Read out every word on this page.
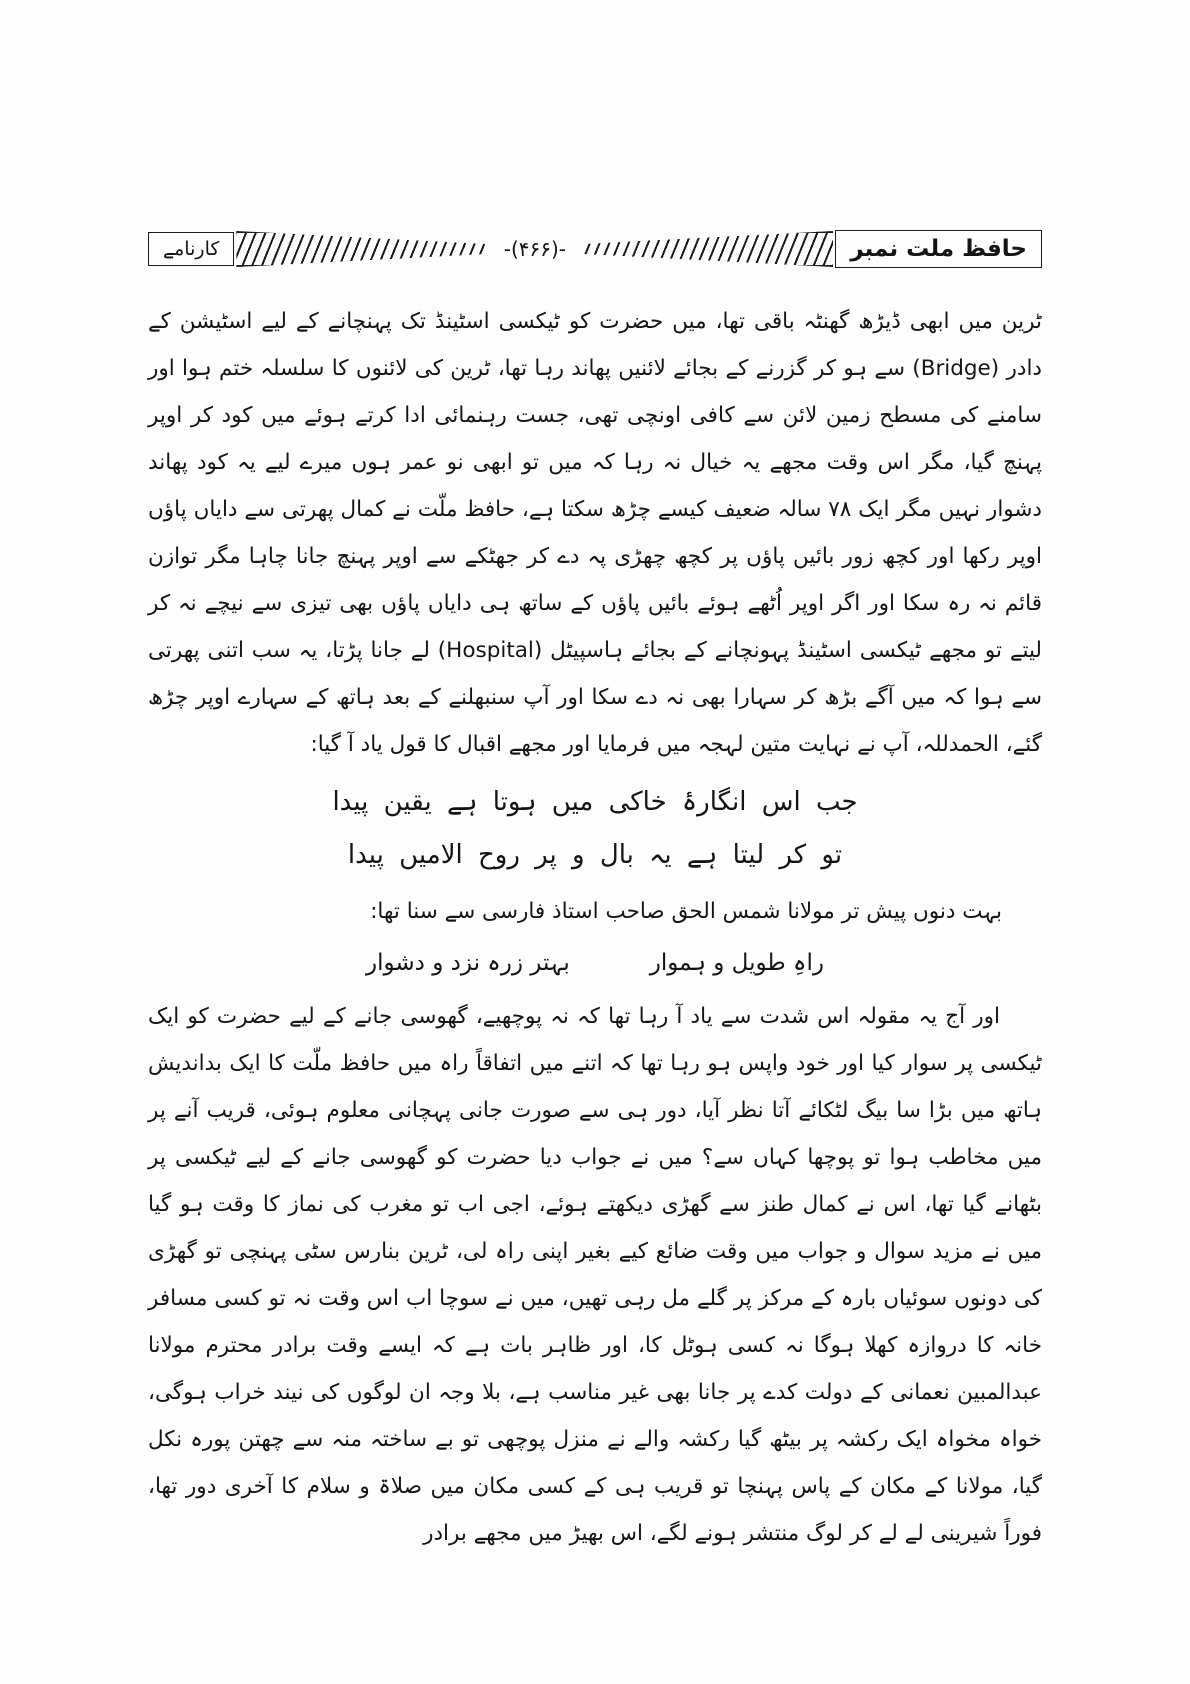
کارنامے	-(۴۶۶)-	حافظ ملت نمبر

ٹرین میں ابھی ڈیڑھ گھنٹہ باقی تھا، میں حضرت کو ٹیکسی اسٹینڈ تک پہنچانے کے لیے اسٹیشن کے دادر (Bridge) سے ہو کر گزرنے کے بجائے لائنیں پھاند رہا تھا، ٹرین کی لائنوں کا سلسلہ ختم ہوا اور سامنے کی مسطح زمین لائن سے کافی اونچی تھی، جست رہنمائی ادا کرتے ہوئے میں کود کر اوپر پہنچ گیا، مگر اس وقت مجھے یہ خیال نہ رہا کہ میں تو ابھی نو عمر ہوں میرے لیے یہ کود پھاند دشوار نہیں مگر ایک ۷۸ سالہ ضعیف کیسے چڑھ سکتا ہے، حافظ ملّت نے کمال پھرتی سے دایاں پاؤں اوپر رکھا اور کچھ زور بائیں پاؤں پر کچھ چھڑی پہ دے کر جھٹکے سے اوپر پہنچ جانا چاہا مگر توازن قائم نہ رہ سکا اور اگر اوپر اُٹھے ہوئے بائیں پاؤں کے ساتھ ہی دایاں پاؤں بھی تیزی سے نیچے نہ کر لیتے تو مجھے ٹیکسی اسٹینڈ پہونچانے کے بجائے ہاسپیٹل (Hospital) لے جانا پڑتا، یہ سب اتنی پھرتی سے ہوا کہ میں آگے بڑھ کر سہارا بھی نہ دے سکا اور آپ سنبھلنے کے بعد ہاتھ کے سہارے اوپر چڑھ گئے، الحمدللہ، آپ نے نہایت متین لہجہ میں فرمایا اور مجھے اقبال کا قول یاد آ گیا:

جب اس انگارۂ خاکی میں ہوتا ہے یقین پیدا
تو کر لیتا ہے یہ بال و پر روح الامیں پیدا

بہت دنوں پیش تر مولانا شمس الحق صاحب استاذ فارسی سے سنا تھا:

راہِ طویل و ہموار
بہتر زرہ نزد و دشوار

اور آج یہ مقولہ اس شدت سے یاد آ رہا تھا کہ نہ پوچھیے، گھوسی جانے کے لیے حضرت کو ایک ٹیکسی پر سوار کیا اور خود واپس ہو رہا تھا کہ اتنے میں اتفاقاً راہ میں حافظ ملّت کا ایک بداندیش ہاتھ میں بڑا سا بیگ لٹکائے آتا نظر آیا، دور ہی سے صورت جانی پہچانی معلوم ہوئی، قریب آنے پر میں مخاطب ہوا تو پوچھا کہاں سے؟ میں نے جواب دیا حضرت کو گھوسی جانے کے لیے ٹیکسی پر بٹھانے گیا تھا، اس نے کمال طنز سے گھڑی دیکھتے ہوئے، اجی اب تو مغرب کی نماز کا وقت ہو گیا میں نے مزید سوال و جواب میں وقت ضائع کیے بغیر اپنی راہ لی، ٹرین بنارس سٹی پہنچی تو گھڑی کی دونوں سوئیاں بارہ کے مرکز پر گلے مل رہی تھیں، میں نے سوچا اب اس وقت نہ تو کسی مسافر خانہ کا دروازہ کھلا ہوگا نہ کسی ہوٹل کا، اور ظاہر بات ہے کہ ایسے وقت برادر محترم مولانا عبدالمبین نعمانی کے دولت کدے پر جانا بھی غیر مناسب ہے، بلا وجہ ان لوگوں کی نیند خراب ہوگی، خواہ مخواہ ایک رکشہ پر بیٹھ گیا رکشہ والے نے منزل پوچھی تو بے ساختہ منہ سے چھتن پورہ نکل گیا، مولانا کے مکان کے پاس پہنچا تو قریب ہی کے کسی مکان میں صلاۃ و سلام کا آخری دور تھا، فوراً شیرینی لے لے کر لوگ منتشر ہونے لگے، اس بھیڑ میں مجھے برادر
